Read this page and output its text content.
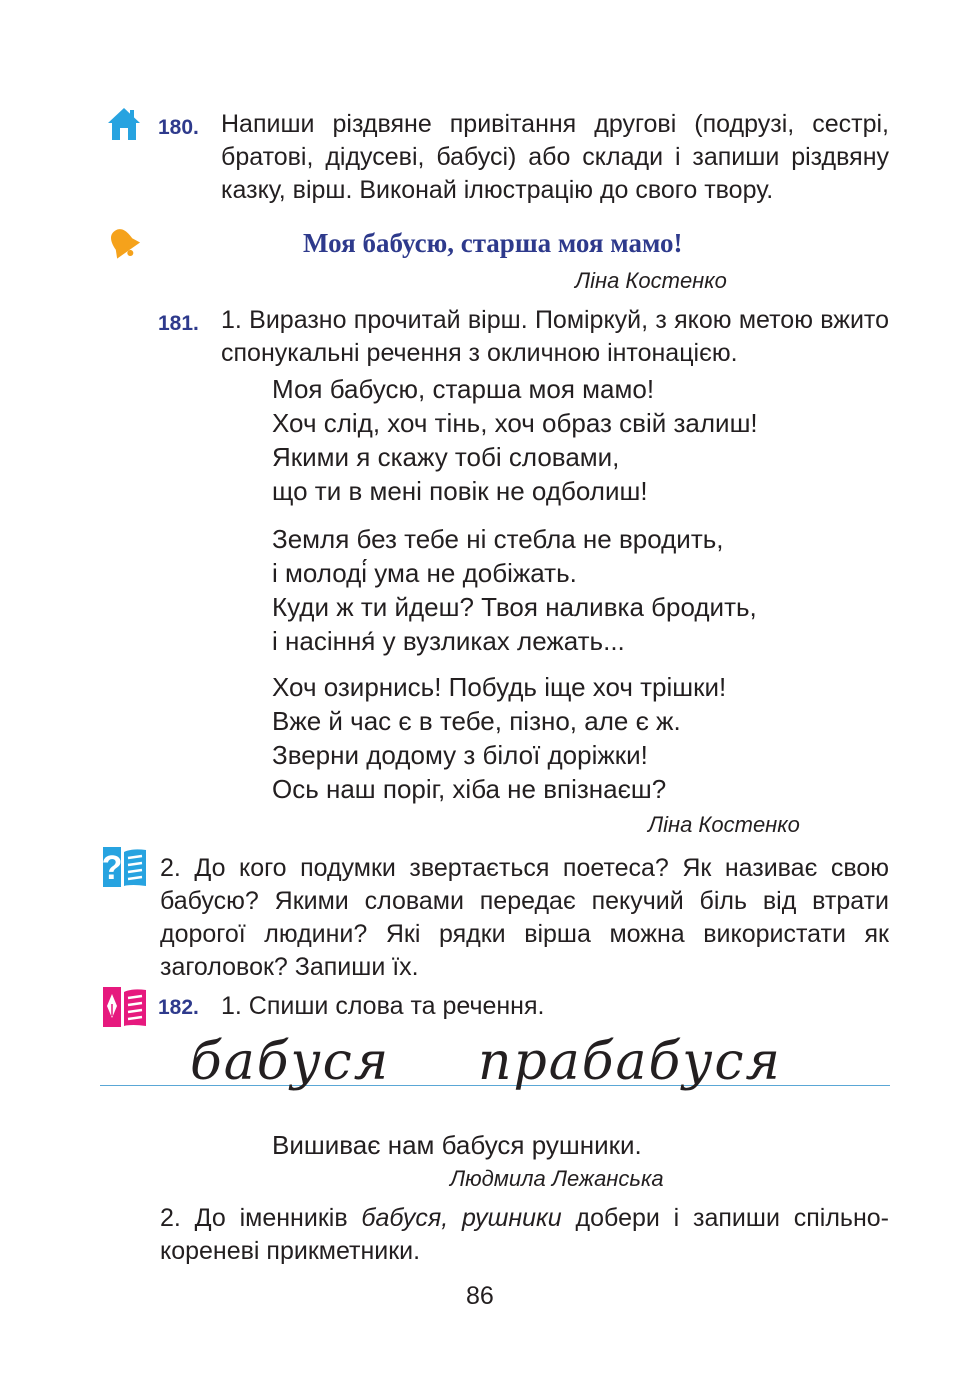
180. Напиши різдвяне привітання другові (подрузі, сестрі, братові, дідусеві, бабусі) або склади і запиши різдвяну казку, вірш. Виконай ілюстрацію до свого твору.
Моя бабусю, старша моя мамо!
Ліна Костенко
181. 1. Виразно прочитай вірш. Поміркуй, з якою метою вжито спонукальні речення з окличною інтонацією.
Моя бабусю, старша моя мамо!
Хоч слід, хоч тінь, хоч образ свій залиш!
Якими я скажу тобі словами,
що ти в мені повік не одболиш!
Земля без тебе ні стебла не вродить,
і молоді́ ума не добіжать.
Куди ж ти йдеш? Твоя наливка бродить,
і насіння́ у вузликах лежать...
Хоч озирнись! Побудь іще хоч трішки!
Вже й час є в тебе, пізно, але є ж.
Зверни додому з білої доріжки!
Ось наш поріг, хіба не впізнаєш?
Ліна Костенко
? 2. До кого подумки звертається поетеса? Як називає свою бабусю? Якими словами передає пекучий біль від втрати дорогої людини? Які рядки вірша можна використати як заголовок? Запиши їх.
182. 1. Спиши слова та речення.
бабуся прабабуся
Вишиває нам бабуся рушники.
Людмила Лежанська
2. До іменників бабуся, рушники добери і запиши спільно-кореневі прикметники.
86
